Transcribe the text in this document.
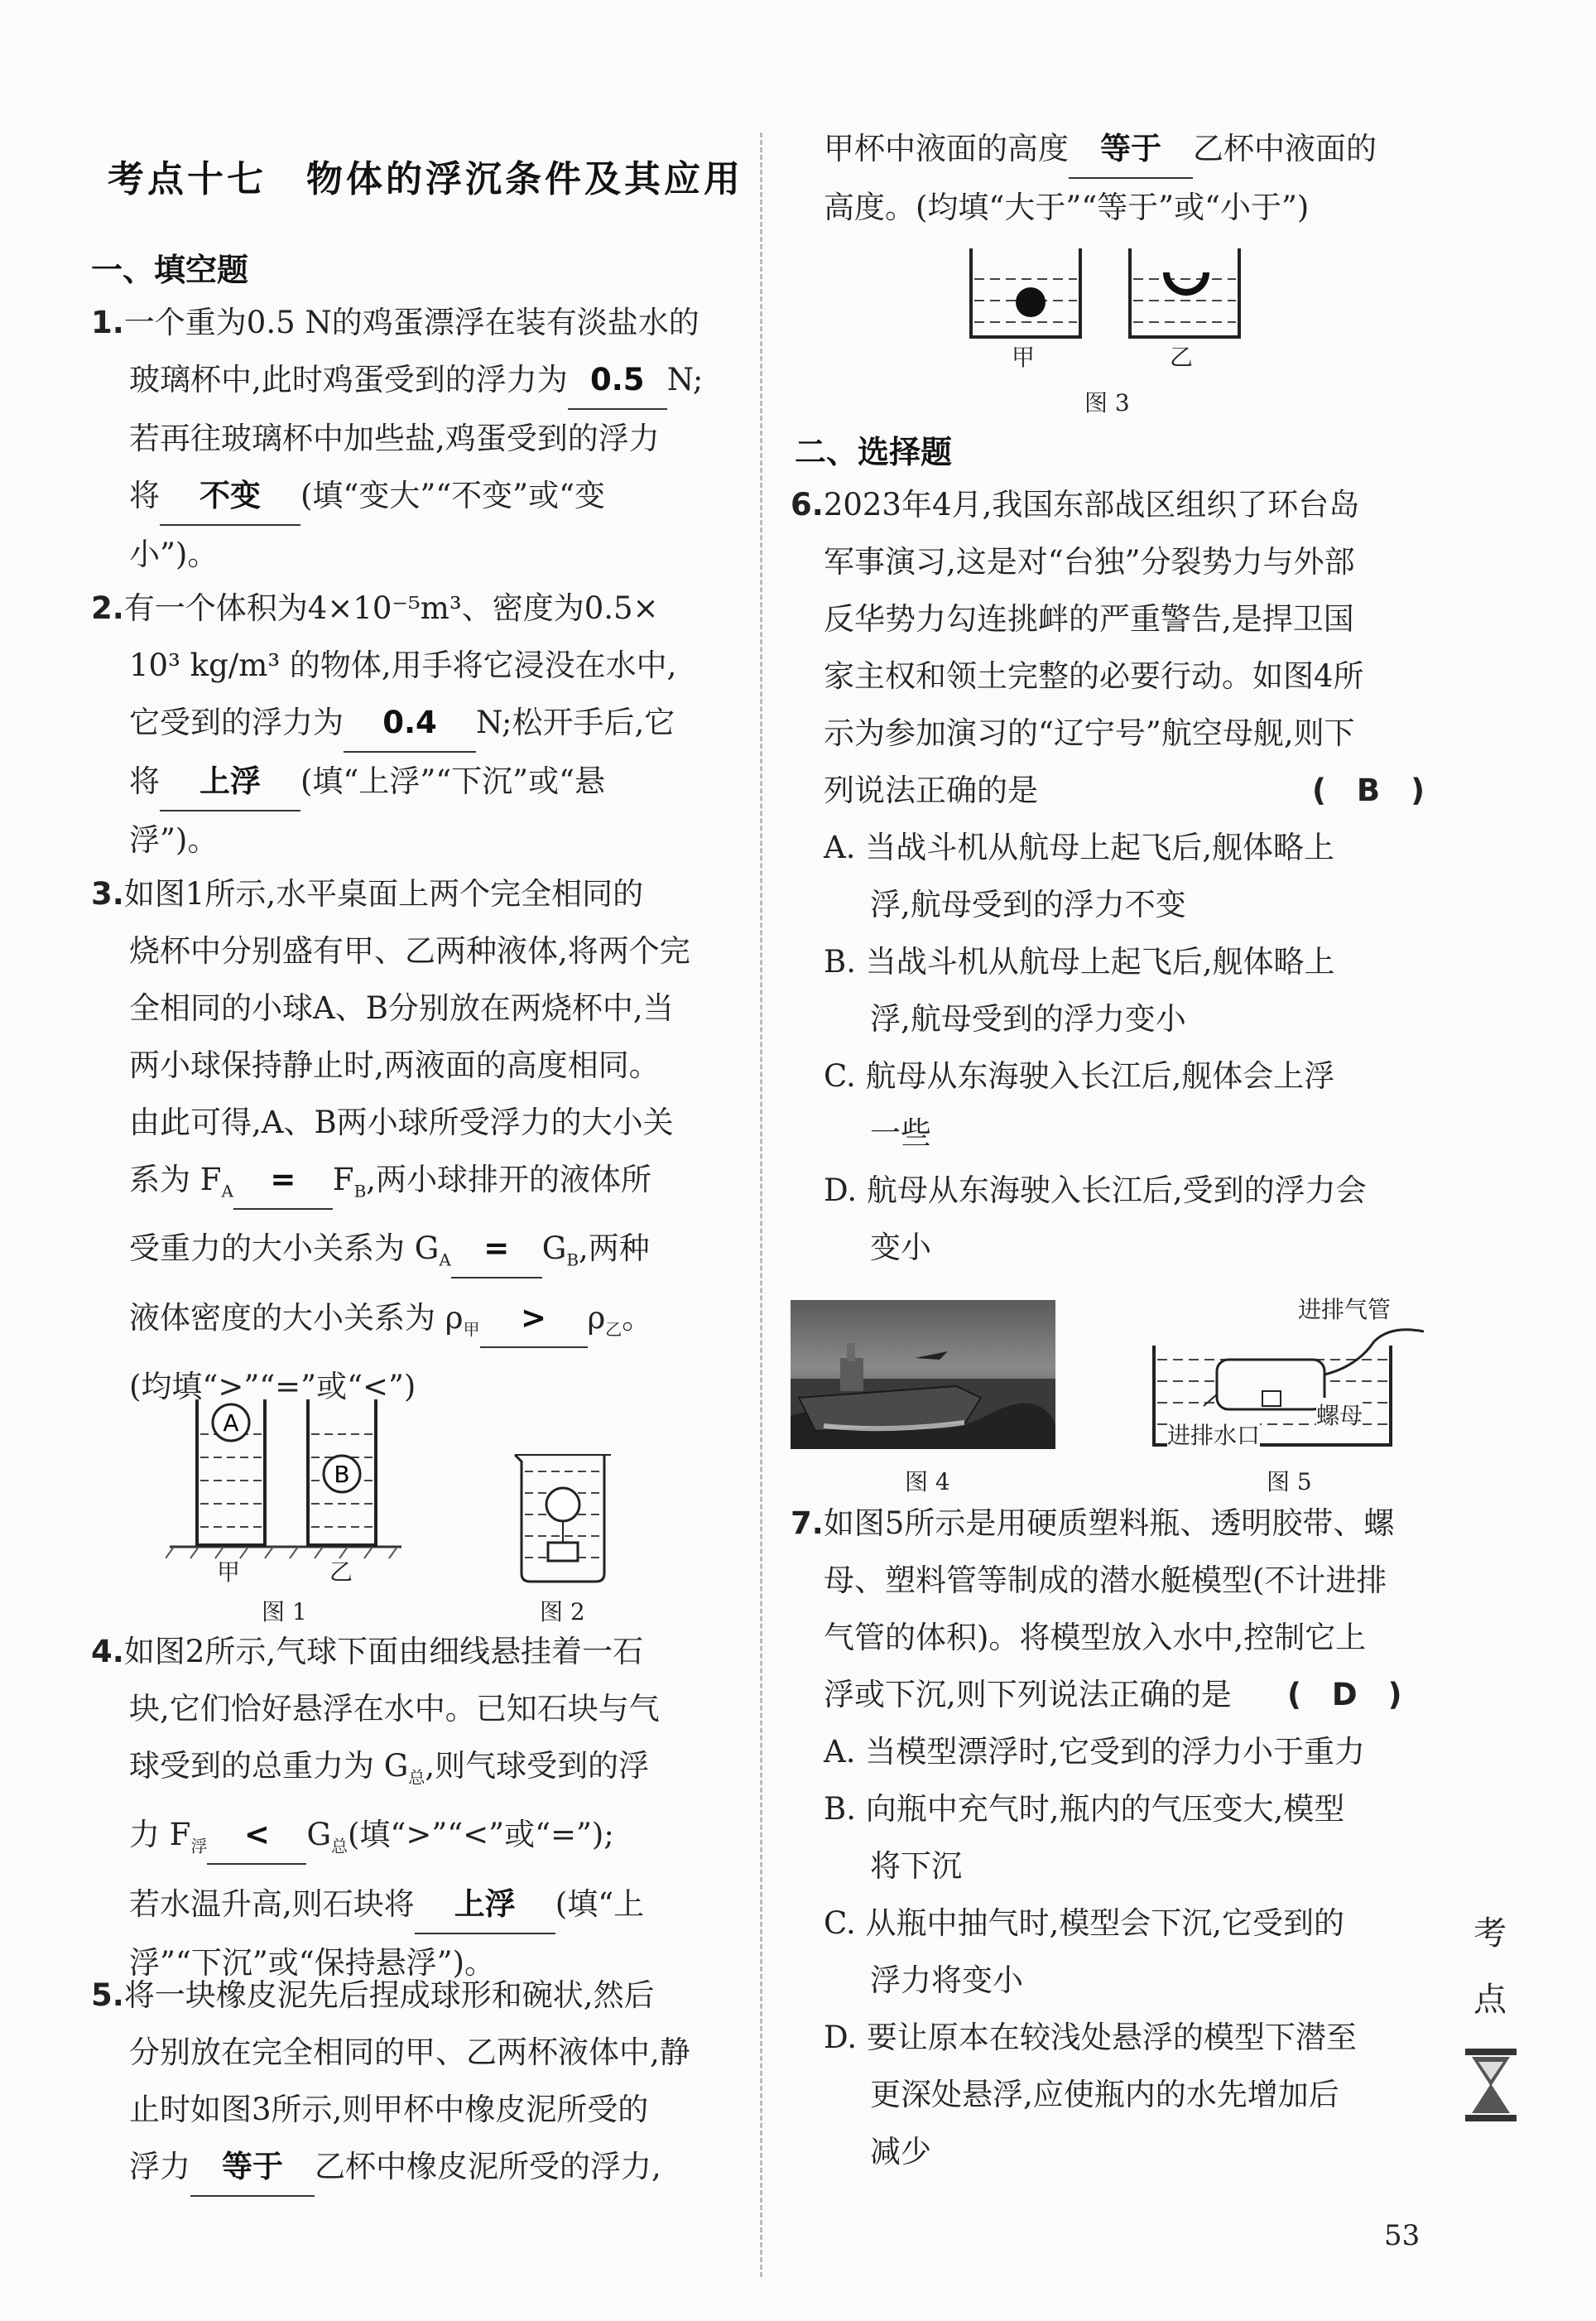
考点十七　物体的浮沉条件及其应用
一、填空题
1.一个重为0.5 N的鸡蛋漂浮在装有淡盐水的
玻璃杯中,此时鸡蛋受到的浮力为 0.5 N;
若再往玻璃杯中加些盐,鸡蛋受到的浮力
将 不变 (填“变大”“不变”或“变
小”)。
2.有一个体积为4×10⁻⁵m³、密度为0.5×
10³ kg/m³ 的物体,用手将它浸没在水中,
它受到的浮力为 0.4 N;松开手后,它
将 上浮 (填“上浮”“下沉”或“悬
浮”)。
3.如图1所示,水平桌面上两个完全相同的
烧杯中分别盛有甲、乙两种液体,将两个完
全相同的小球A、B分别放在两烧杯中,当
两小球保持静止时,两液面的高度相同。
由此可得,A、B两小球所受浮力的大小关
系为 $F_A = F_B$,两小球排开的液体所
受重力的大小关系为 $G_A = G_B$,两种
液体密度的大小关系为 $\rho_甲 > \rho_乙$。
(均填“>”“=”或“<”)
A
B
甲	乙
图 1	图 2
4.如图2所示,气球下面由细线悬挂着一石
块,它们恰好悬浮在水中。已知石块与气
球受到的总重力为 $G_总$,则气球受到的浮
力 $F_浮 < G_总$(填“>”“<”或“=”);
若水温升高,则石块将 上浮 (填“上
浮”“下沉”或“保持悬浮”)。
5.将一块橡皮泥先后捏成球形和碗状,然后
分别放在完全相同的甲、乙两杯液体中,静
止时如图3所示,则甲杯中橡皮泥所受的
浮力 等于 乙杯中橡皮泥所受的浮力,
甲杯中液面的高度 等于 乙杯中液面的
高度。(均填“大于”“等于”或“小于”)
甲	乙
图 3
二、选择题
6.2023年4月,我国东部战区组织了环台岛
军事演习,这是对“台独”分裂势力与外部
反华势力勾连挑衅的严重警告,是捍卫国
家主权和领土完整的必要行动。如图4所
示为参加演习的“辽宁号”航空母舰,则下
列说法正确的是	(　B　)
A. 当战斗机从航母上起飞后,舰体略上
浮,航母受到的浮力不变
B. 当战斗机从航母上起飞后,舰体略上
浮,航母受到的浮力变小
C. 航母从东海驶入长江后,舰体会上浮
一些
D. 航母从东海驶入长江后,受到的浮力会
变小
图 4
进排气管
螺母
进排水口
图 5
7.如图5所示是用硬质塑料瓶、透明胶带、螺
母、塑料管等制成的潜水艇模型(不计进排
气管的体积)。将模型放入水中,控制它上
浮或下沉,则下列说法正确的是 (　D　)
A. 当模型漂浮时,它受到的浮力小于重力
B. 向瓶中充气时,瓶内的气压变大,模型
将下沉
C. 从瓶中抽气时,模型会下沉,它受到的
浮力将变小
D. 要让原本在较浅处悬浮的模型下潜至
更深处悬浮,应使瓶内的水先增加后
减少
考
点
53
